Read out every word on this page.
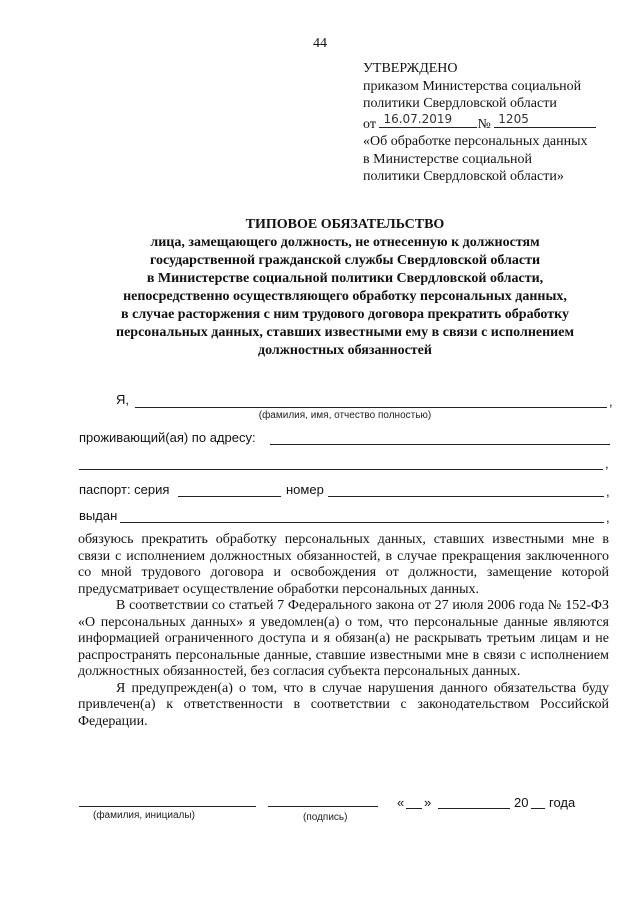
44
УТВЕРЖДЕНО
приказом Министерства социальной
политики Свердловской области
от 16.07.2019 № 1205
«Об обработке персональных данных
в Министерстве социальной
политики Свердловской области»
ТИПОВОЕ ОБЯЗАТЕЛЬСТВО
лица, замещающего должность, не отнесенную к должностям
государственной гражданской службы Свердловской области
в Министерстве социальной политики Свердловской области,
непосредственно осуществляющего обработку персональных данных,
в случае расторжения с ним трудового договора прекратить обработку
персональных данных, ставших известными ему в связи с исполнением
должностных обязанностей
Я,	,
(фамилия, имя, отчество полностью)
проживающий(ая) по адресу:
,
паспорт: серия	номер	,
выдан	,

обязуюсь прекратить обработку персональных данных, ставших известными мне в связи с исполнением должностных обязанностей, в случае прекращения заключенного со мной трудового договора и освобождения от должности, замещение которой предусматривает осуществление обработки персональных данных.

В соответствии со статьей 7 Федерального закона от 27 июля 2006 года № 152-ФЗ «О персональных данных» я уведомлен(а) о том, что персональные данные являются информацией ограниченного доступа и я обязан(а) не раскрывать третьим лицам и не распространять персональные данные, ставшие известными мне в связи с исполнением должностных обязанностей, без согласия субъекта персональных данных.

Я предупрежден(а) о том, что в случае нарушения данного обязательства буду привлечен(а) к ответственности в соответствии с законодательством Российской Федерации.

« »	20 года
(фамилия, инициалы)	(подпись)
